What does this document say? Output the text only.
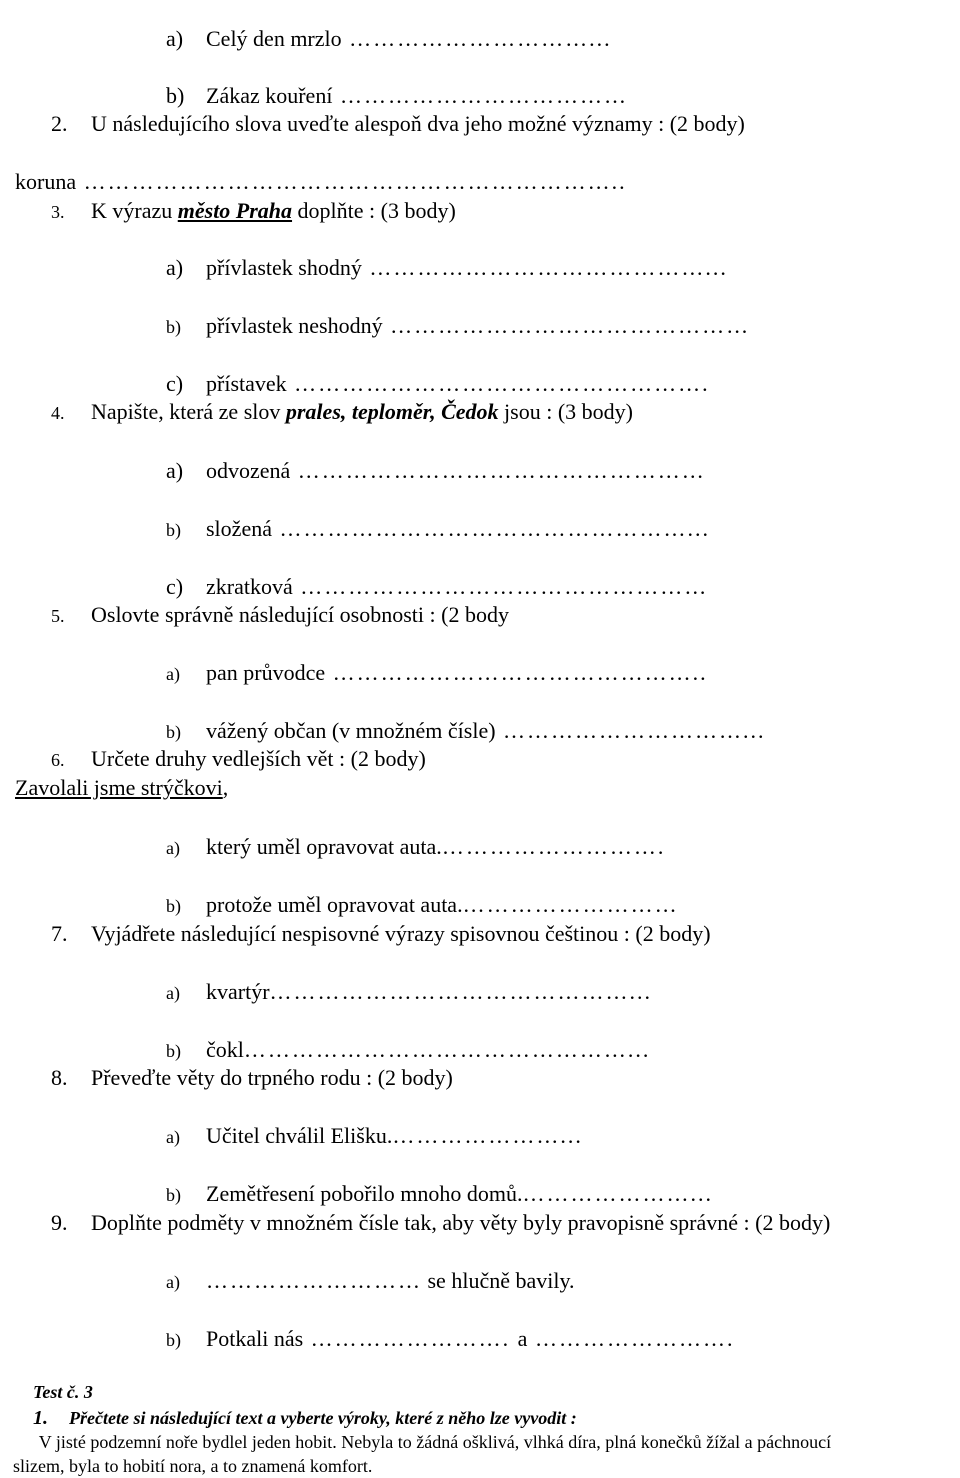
a) Celý den mrzlo …………………………...

b) Zákaz kouření ………………………………

2. U následujícího slova uveďte alespoň dva jeho možné významy : (2 body)

koruna …………………………………………………………..

3. K výrazu město Praha doplňte : (3 body)

a) přívlastek shodný ……………………………………...

b) přívlastek neshodný ………………………………………

c) přístavek …………………………………………….

4. Napište, která ze slov prales, teploměr, Čedok jsou : (3 body)

a) odvozená ……………………………………………

b) složená ……………………………………………...

c) zkratková ……………………………………………

5. Oslovte správně následující osobnosti : (2 body

a) pan průvodce ………………………………………..

b) vážený občan (v množném čísle) …………………………...

6. Určete druhy vedlejších vět : (2 body)

Zavolali jsme strýčkovi,

a) který uměl opravovat auta.……………………….

b) protože uměl opravovat auta.………………………

7. Vyjádřete následující nespisovné výrazy spisovnou češtinou : (2 body)

a) kvartýr………………………………………...

b) čokl…………………………………………...

8. Převeďte věty do trpného rodu : (2 body)

a) Učitel chválil Elišku.…………………...

b) Zemětřesení pobořilo mnoho domů.…………………...

9. Doplňte podměty v množném čísle tak, aby věty byly pravopisně správné : (2 body)

a) ……………………… se hlučně bavily.

b) Potkali nás ……………………. a …………………….

Test č. 3

1. Přečtete si následující text a vyberte výroky, které z něho lze vyvodit :

V jisté podzemní noře bydlel jeden hobit. Nebyla to žádná ošklivá, vlhká díra, plná konečků žížal a páchnoucí

slizem, byla to hobití nora, a to znamená komfort.
